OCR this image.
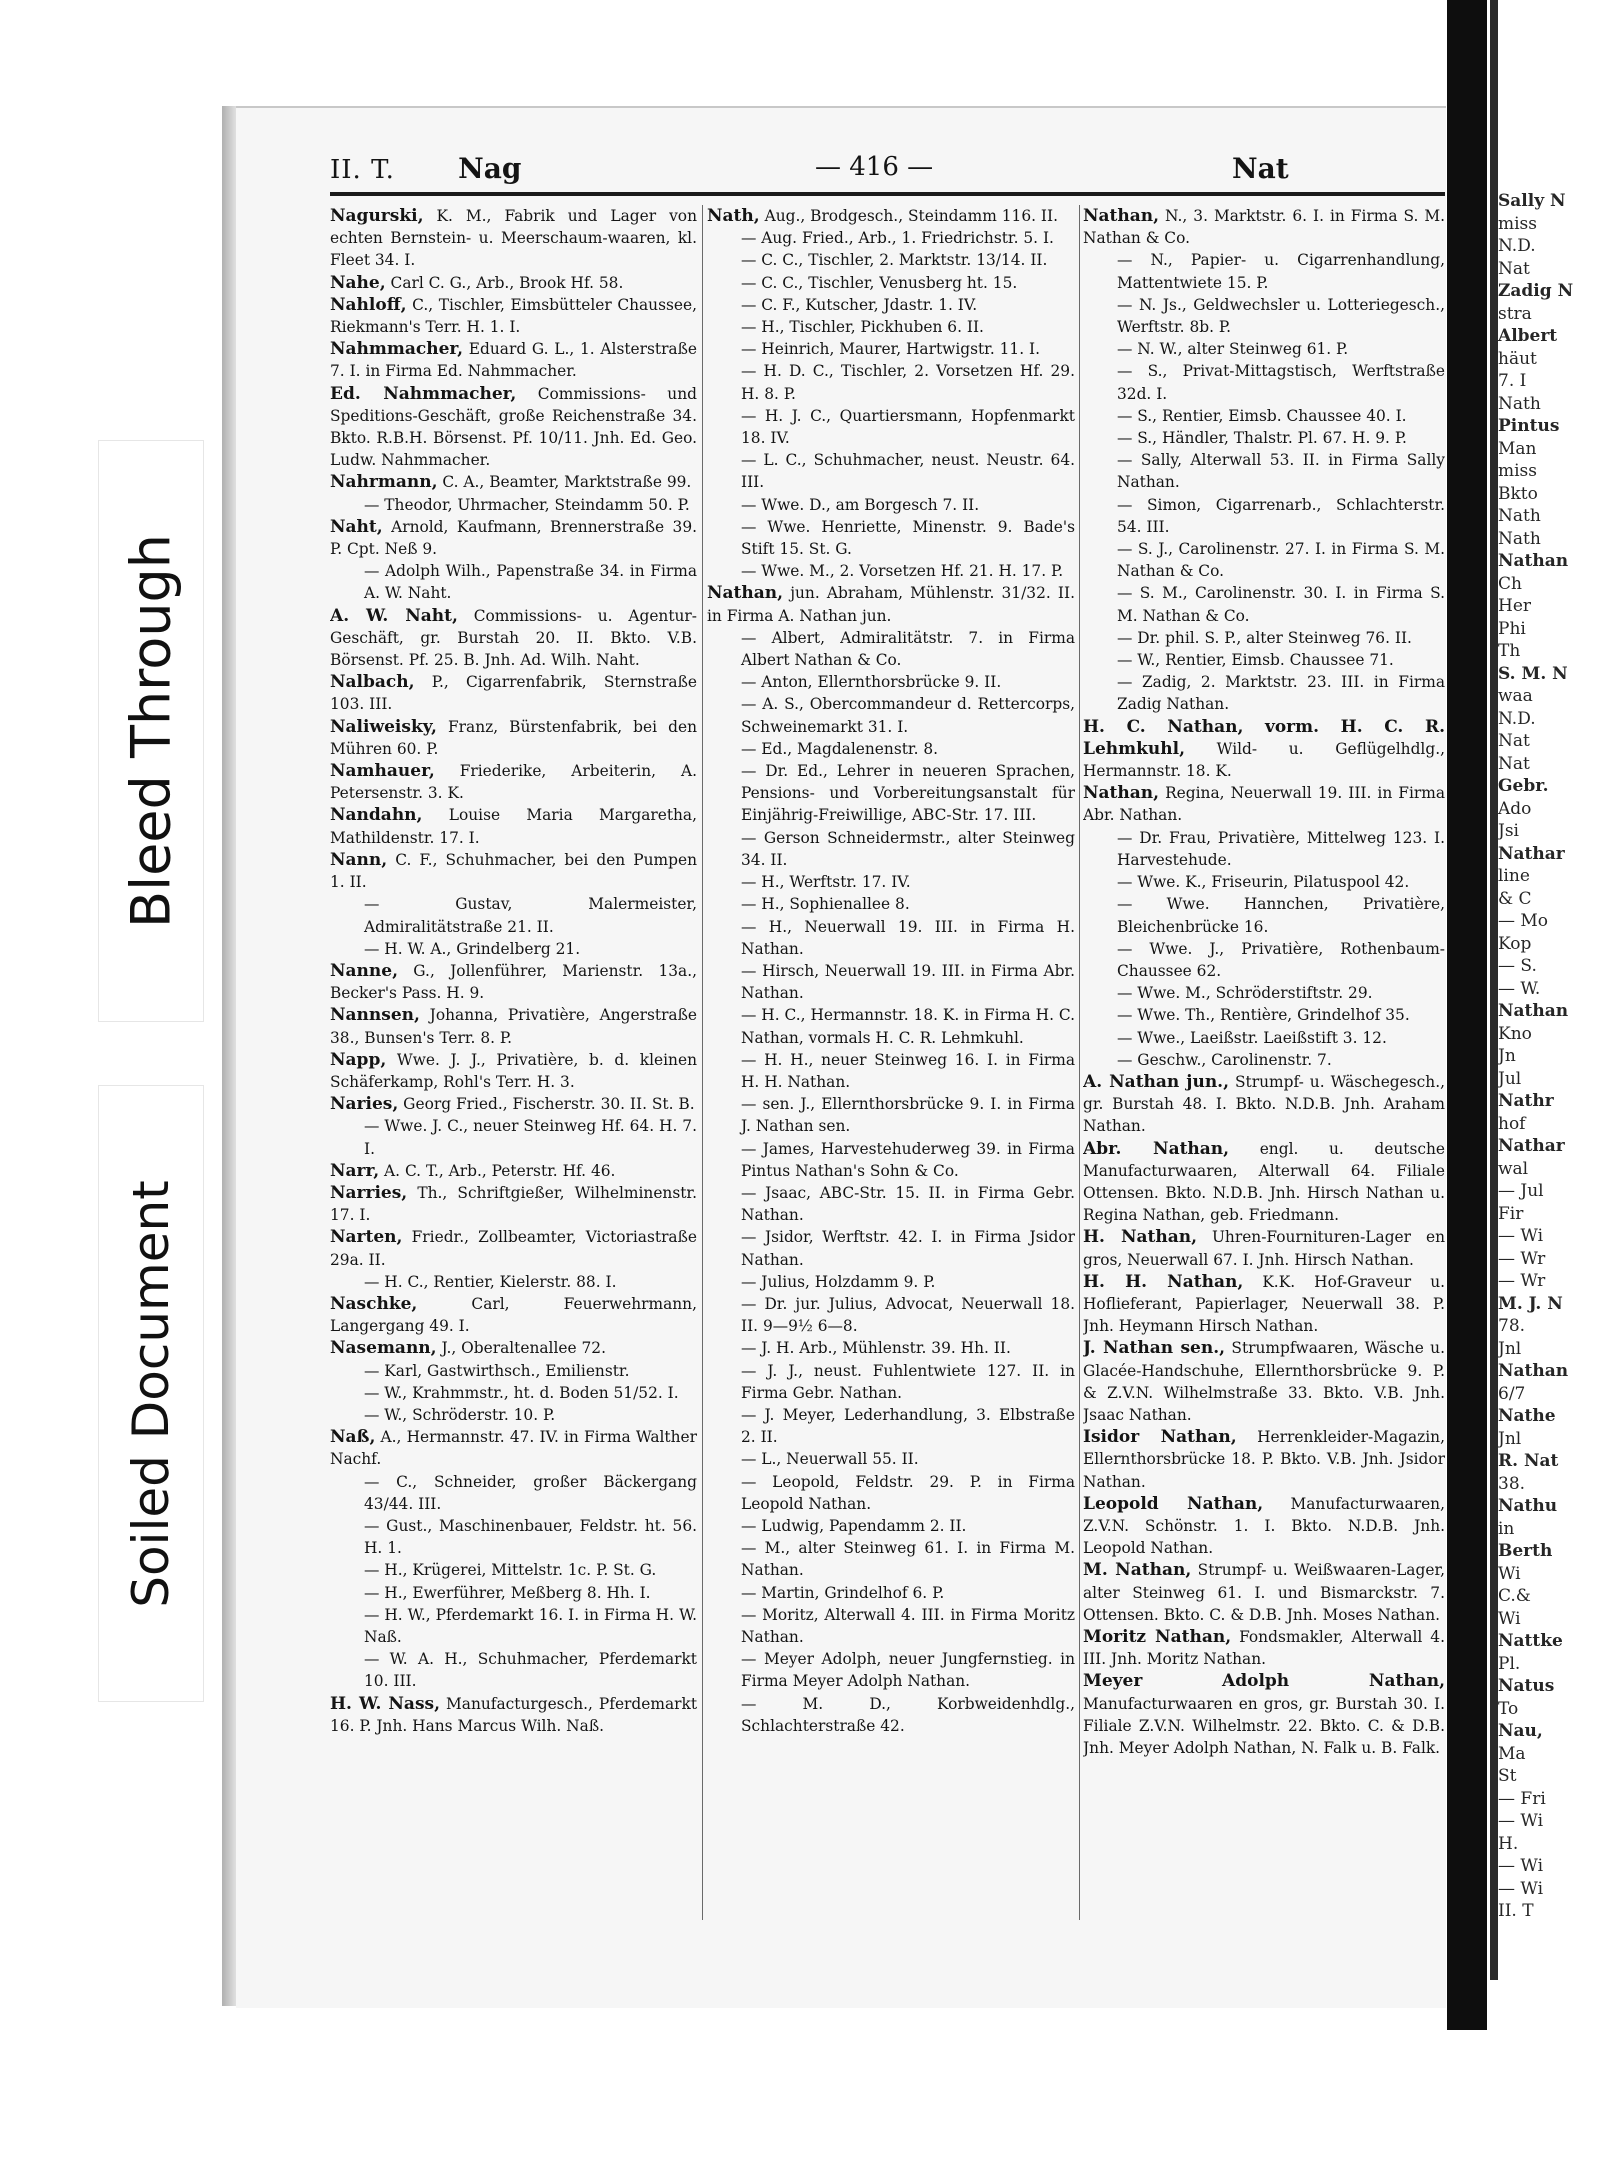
Sally N
miss
N.D.
Nat
Zadig N
stra
Albert
häut
7. I
Nath
Pintus
Man
miss
Bkto
Nath
Nath
Nathan
Ch
Her
Phi
Th
S. M. N
waa
N.D.
Nat
Nat
Gebr.
Ado
Jsi
Nathar
line
& C
— Mo
Kop
— S.
— W.
Nathan
Kno
Jn
Jul
Nathr
hof
Nathar
wal
— Jul
Fir
— Wi
— Wr
— Wr
M. J. N
78.
Jnl
Nathan
6/7
Nathe
Jnl
R. Nat
38.
Nathu
in
Berth
Wi
C.&
Wi
Nattke
Pl.
Natus
To
Nau,
Ma
St
— Fri
— Wi
H.
— Wi
— Wi
II. T
Bleed Through
Soiled Document
II. T. Nag	— 416 —	Nat

Nagurski, K. M., Fabrik und Lager von echten Bernstein- u. Meerschaum-waaren, kl. Fleet 34. I.

Nahe, Carl C. G., Arb., Brook Hf. 58.

Nahloff, C., Tischler, Eimsbütteler Chaussee, Riekmann's Terr. H. 1. I.

Nahmmacher, Eduard G. L., 1. Alsterstraße 7. I. in Firma Ed. Nahmmacher.

Ed. Nahmmacher, Commissions- und Speditions-Geschäft, große Reichenstraße 34. Bkto. R.B.H. Börsenst. Pf. 10/11. Jnh. Ed. Geo. Ludw. Nahmmacher.

Nahrmann, C. A., Beamter, Marktstraße 99.

— Theodor, Uhrmacher, Steindamm 50. P.

Naht, Arnold, Kaufmann, Brennerstraße 39. P. Cpt. Neß 9.

— Adolph Wilh., Papenstraße 34. in Firma A. W. Naht.

A. W. Naht, Commissions- u. Agentur-Geschäft, gr. Burstah 20. II. Bkto. V.B. Börsenst. Pf. 25. B. Jnh. Ad. Wilh. Naht.

Nalbach, P., Cigarrenfabrik, Sternstraße 103. III.

Naliweisky, Franz, Bürstenfabrik, bei den Mühren 60. P.

Namhauer, Friederike, Arbeiterin, A. Petersenstr. 3. K.

Nandahn, Louise Maria Margaretha, Mathildenstr. 17. I.

Nann, C. F., Schuhmacher, bei den Pumpen 1. II.

— Gustav, Malermeister, Admiralitätstraße 21. II.

— H. W. A., Grindelberg 21.

Nanne, G., Jollenführer, Marienstr. 13a., Becker's Pass. H. 9.

Nannsen, Johanna, Privatière, Angerstraße 38., Bunsen's Terr. 8. P.

Napp, Wwe. J. J., Privatière, b. d. kleinen Schäferkamp, Rohl's Terr. H. 3.

Naries, Georg Fried., Fischerstr. 30. II. St. B.

— Wwe. J. C., neuer Steinweg Hf. 64. H. 7. I.

Narr, A. C. T., Arb., Peterstr. Hf. 46.

Narries, Th., Schriftgießer, Wilhelminenstr. 17. I.

Narten, Friedr., Zollbeamter, Victoriastraße 29a. II.

— H. C., Rentier, Kielerstr. 88. I.

Naschke, Carl, Feuerwehrmann, Langergang 49. I.

Nasemann, J., Oberaltenallee 72.

— Karl, Gastwirthsch., Emilienstr.

— W., Krahmmstr., ht. d. Boden 51/52. I.

— W., Schröderstr. 10. P.

Naß, A., Hermannstr. 47. IV. in Firma Walther Nachf.

— C., Schneider, großer Bäckergang 43/44. III.

— Gust., Maschinenbauer, Feldstr. ht. 56. H. 1.

— H., Krügerei, Mittelstr. 1c. P. St. G.

— H., Ewerführer, Meßberg 8. Hh. I.

— H. W., Pferdemarkt 16. I. in Firma H. W. Naß.

— W. A. H., Schuhmacher, Pferdemarkt 10. III.

H. W. Nass, Manufacturgesch., Pferdemarkt 16. P. Jnh. Hans Marcus Wilh. Naß.

Nath, Aug., Brodgesch., Steindamm 116. II.

— Aug. Fried., Arb., 1. Friedrichstr. 5. I.

— C. C., Tischler, 2. Marktstr. 13/14. II.

— C. C., Tischler, Venusberg ht. 15.

— C. F., Kutscher, Jdastr. 1. IV.

— H., Tischler, Pickhuben 6. II.

— Heinrich, Maurer, Hartwigstr. 11. I.

— H. D. C., Tischler, 2. Vorsetzen Hf. 29. H. 8. P.

— H. J. C., Quartiersmann, Hopfenmarkt 18. IV.

— L. C., Schuhmacher, neust. Neustr. 64. III.

— Wwe. D., am Borgesch 7. II.

— Wwe. Henriette, Minenstr. 9. Bade's Stift 15. St. G.

— Wwe. M., 2. Vorsetzen Hf. 21. H. 17. P.

Nathan, jun. Abraham, Mühlenstr. 31/32. II. in Firma A. Nathan jun.

— Albert, Admiralitätstr. 7. in Firma Albert Nathan & Co.

— Anton, Ellernthorsbrücke 9. II.

— A. S., Obercommandeur d. Rettercorps, Schweinemarkt 31. I.

— Ed., Magdalenenstr. 8.

— Dr. Ed., Lehrer in neueren Sprachen, Pensions- und Vorbereitungsanstalt für Einjährig-Freiwillige, ABC-Str. 17. III.

— Gerson Schneidermstr., alter Steinweg 34. II.

— H., Werftstr. 17. IV.

— H., Sophienallee 8.

— H., Neuerwall 19. III. in Firma H. Nathan.

— Hirsch, Neuerwall 19. III. in Firma Abr. Nathan.

— H. C., Hermannstr. 18. K. in Firma H. C. Nathan, vormals H. C. R. Lehmkuhl.

— H. H., neuer Steinweg 16. I. in Firma H. H. Nathan.

— sen. J., Ellernthorsbrücke 9. I. in Firma J. Nathan sen.

— James, Harvestehuderweg 39. in Firma Pintus Nathan's Sohn & Co.

— Jsaac, ABC-Str. 15. II. in Firma Gebr. Nathan.

— Jsidor, Werftstr. 42. I. in Firma Jsidor Nathan.

— Julius, Holzdamm 9. P.

— Dr. jur. Julius, Advocat, Neuerwall 18. II. 9—9½ 6—8.

— J. H. Arb., Mühlenstr. 39. Hh. II.

— J. J., neust. Fuhlentwiete 127. II. in Firma Gebr. Nathan.

— J. Meyer, Lederhandlung, 3. Elbstraße 2. II.

— L., Neuerwall 55. II.

— Leopold, Feldstr. 29. P. in Firma Leopold Nathan.

— Ludwig, Papendamm 2. II.

— M., alter Steinweg 61. I. in Firma M. Nathan.

— Martin, Grindelhof 6. P.

— Moritz, Alterwall 4. III. in Firma Moritz Nathan.

— Meyer Adolph, neuer Jungfernstieg. in Firma Meyer Adolph Nathan.

— M. D., Korbweidenhdlg., Schlachterstraße 42.

Nathan, N., 3. Marktstr. 6. I. in Firma S. M. Nathan & Co.

— N., Papier- u. Cigarrenhandlung, Mattentwiete 15. P.

— N. Js., Geldwechsler u. Lotteriegesch., Werftstr. 8b. P.

— N. W., alter Steinweg 61. P.

— S., Privat-Mittagstisch, Werftstraße 32d. I.

— S., Rentier, Eimsb. Chaussee 40. I.

— S., Händler, Thalstr. Pl. 67. H. 9. P.

— Sally, Alterwall 53. II. in Firma Sally Nathan.

— Simon, Cigarrenarb., Schlachterstr. 54. III.

— S. J., Carolinenstr. 27. I. in Firma S. M. Nathan & Co.

— S. M., Carolinenstr. 30. I. in Firma S. M. Nathan & Co.

— Dr. phil. S. P., alter Steinweg 76. II.

— W., Rentier, Eimsb. Chaussee 71.

— Zadig, 2. Marktstr. 23. III. in Firma Zadig Nathan.

H. C. Nathan, vorm. H. C. R. Lehmkuhl, Wild- u. Geflügelhdlg., Hermannstr. 18. K.

Nathan, Regina, Neuerwall 19. III. in Firma Abr. Nathan.

— Dr. Frau, Privatière, Mittelweg 123. I. Harvestehude.

— Wwe. K., Friseurin, Pilatuspool 42.

— Wwe. Hannchen, Privatière, Bleichenbrücke 16.

— Wwe. J., Privatière, Rothenbaum-Chaussee 62.

— Wwe. M., Schröderstiftstr. 29.

— Wwe. Th., Rentière, Grindelhof 35.

— Wwe., Laeißstr. Laeißstift 3. 12.

— Geschw., Carolinenstr. 7.

A. Nathan jun., Strumpf- u. Wäschegesch., gr. Burstah 48. I. Bkto. N.D.B. Jnh. Araham Nathan.

Abr. Nathan, engl. u. deutsche Manufacturwaaren, Alterwall 64. Filiale Ottensen. Bkto. N.D.B. Jnh. Hirsch Nathan u. Regina Nathan, geb. Friedmann.

H. Nathan, Uhren-Fournituren-Lager en gros, Neuerwall 67. I. Jnh. Hirsch Nathan.

H. H. Nathan, K.K. Hof-Graveur u. Hoflieferant, Papierlager, Neuerwall 38. P. Jnh. Heymann Hirsch Nathan.

J. Nathan sen., Strumpfwaaren, Wäsche u. Glacée-Handschuhe, Ellernthorsbrücke 9. P. & Z.V.N. Wilhelmstraße 33. Bkto. V.B. Jnh. Jsaac Nathan.

Isidor Nathan, Herrenkleider-Magazin, Ellernthorsbrücke 18. P. Bkto. V.B. Jnh. Jsidor Nathan.

Leopold Nathan, Manufacturwaaren, Z.V.N. Schönstr. 1. I. Bkto. N.D.B. Jnh. Leopold Nathan.

M. Nathan, Strumpf- u. Weißwaaren-Lager, alter Steinweg 61. I. und Bismarckstr. 7. Ottensen. Bkto. C. & D.B. Jnh. Moses Nathan.

Moritz Nathan, Fondsmakler, Alterwall 4. III. Jnh. Moritz Nathan.

Meyer Adolph Nathan, Manufacturwaaren en gros, gr. Burstah 30. I. Filiale Z.V.N. Wilhelmstr. 22. Bkto. C. & D.B. Jnh. Meyer Adolph Nathan, N. Falk u. B. Falk.
